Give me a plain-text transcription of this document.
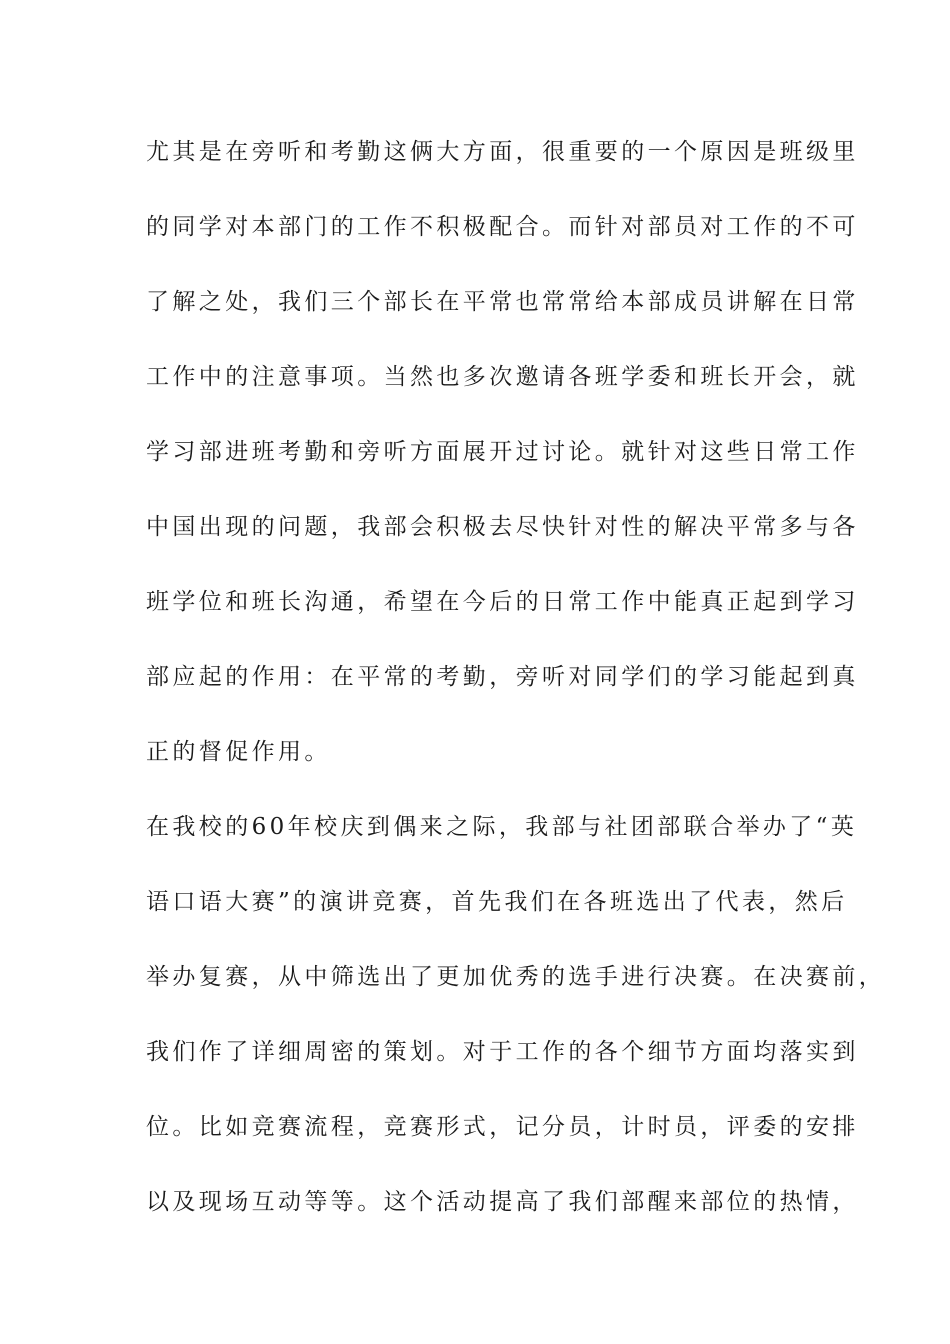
尤其是在旁听和考勤这俩大方面，很重要的一个原因是班级里
的同学对本部门的工作不积极配合。而针对部员对工作的不可
了解之处，我们三个部长在平常也常常给本部成员讲解在日常
工作中的注意事项。当然也多次邀请各班学委和班长开会，就
学习部进班考勤和旁听方面展开过讨论。就针对这些日常工作
中国出现的问题，我部会积极去尽快针对性的解决平常多与各
班学位和班长沟通，希望在今后的日常工作中能真正起到学习
部应起的作用：在平常的考勤，旁听对同学们的学习能起到真
正的督促作用。
在我校的60年校庆到偶来之际，我部与社团部联合举办了“英
语口语大赛”的演讲竞赛，首先我们在各班选出了代表，然后
举办复赛，从中筛选出了更加优秀的选手进行决赛。在决赛前，
我们作了详细周密的策划。对于工作的各个细节方面均落实到
位。比如竞赛流程，竞赛形式，记分员，计时员，评委的安排
以及现场互动等等。这个活动提高了我们部醒来部位的热情，
